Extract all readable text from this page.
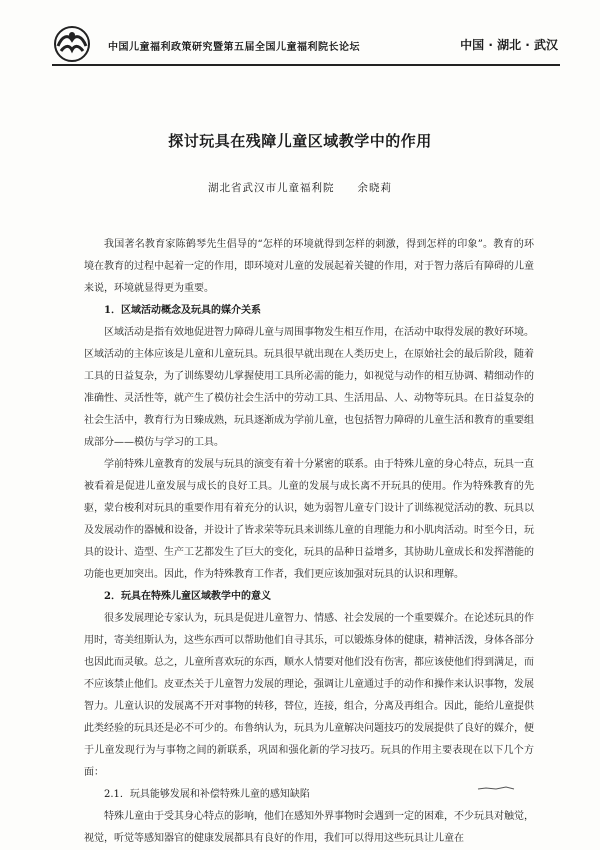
中国儿童福利政策研究暨第五届全国儿童福利院长论坛	中国 · 湖北 · 武汉
探讨玩具在残障儿童区域教学中的作用
湖北省武汉市儿童福利院　　余晓莉

我国著名教育家陈鹤琴先生倡导的“怎样的环境就得到怎样的刺激，得到怎样的印象”。教育的环境在教育的过程中起着一定的作用，即环境对儿童的发展起着关键的作用，对于智力落后有障碍的儿童来说，环境就显得更为重要。

1．区域活动概念及玩具的媒介关系

区域活动是指有效地促进智力障碍儿童与周围事物发生相互作用，在活动中取得发展的教好环境。区域活动的主体应该是儿童和儿童玩具。玩具很早就出现在人类历史上，在原始社会的最后阶段，随着工具的日益复杂，为了训练婴幼儿掌握使用工具所必需的能力，如视觉与动作的相互协调、精细动作的准确性、灵活性等，就产生了模仿社会生活中的劳动工具、生活用品、人、动物等玩具。在日益复杂的社会生活中，教育行为日臻成熟，玩具逐渐成为学前儿童，也包括智力障碍的儿童生活和教育的重要组成部分——模仿与学习的工具。

学前特殊儿童教育的发展与玩具的演变有着十分紧密的联系。由于特殊儿童的身心特点，玩具一直被看着是促进儿童发展与成长的良好工具。儿童的发展与成长离不开玩具的使用。作为特殊教育的先驱，蒙台梭利对玩具的重要作用有着充分的认识，她为弱智儿童专门设计了训练视觉活动的教、玩具以及发展动作的器械和设备，并设计了皆求荣等玩具来训练儿童的自理能力和小肌肉活动。时至今日，玩具的设计、造型、生产工艺都发生了巨大的变化，玩具的品种日益增多，其协助儿童成长和发挥潜能的功能也更加突出。因此，作为特殊教育工作者，我们更应该加强对玩具的认识和理解。

2．玩具在特殊儿童区域教学中的意义

很多发展理论专家认为，玩具是促进儿童智力、情感、社会发展的一个重要媒介。在论述玩具的作用时，寄美纽斯认为，这些东西可以帮助他们自寻其乐，可以锻炼身体的健康，精神活泼，身体各部分也因此而灵敏。总之，儿童所喜欢玩的东西，顺水人情要对他们没有伤害，都应该使他们得到满足，而不应该禁止他们。皮亚杰关于儿童智力发展的理论，强调让儿童通过手的动作和操作来认识事物，发展智力。儿童认识的发展离不开对事物的转移，替位，连接，组合，分离及再组合。因此，能给儿童提供此类经验的玩具还是必不可少的。布鲁纳认为，玩具为儿童解决问题技巧的发展提供了良好的媒介，便于儿童发现行为与事物之间的新联系，巩固和强化新的学习技巧。玩具的作用主要表现在以下几个方面：

2.1．玩具能够发展和补偿特殊儿童的感知缺陷

特殊儿童由于受其身心特点的影响，他们在感知外界事物时会遇到一定的困难，不少玩具对触觉，视觉，听觉等感知器官的健康发展都具有良好的作用，我们可以得用这些玩具让儿童在
